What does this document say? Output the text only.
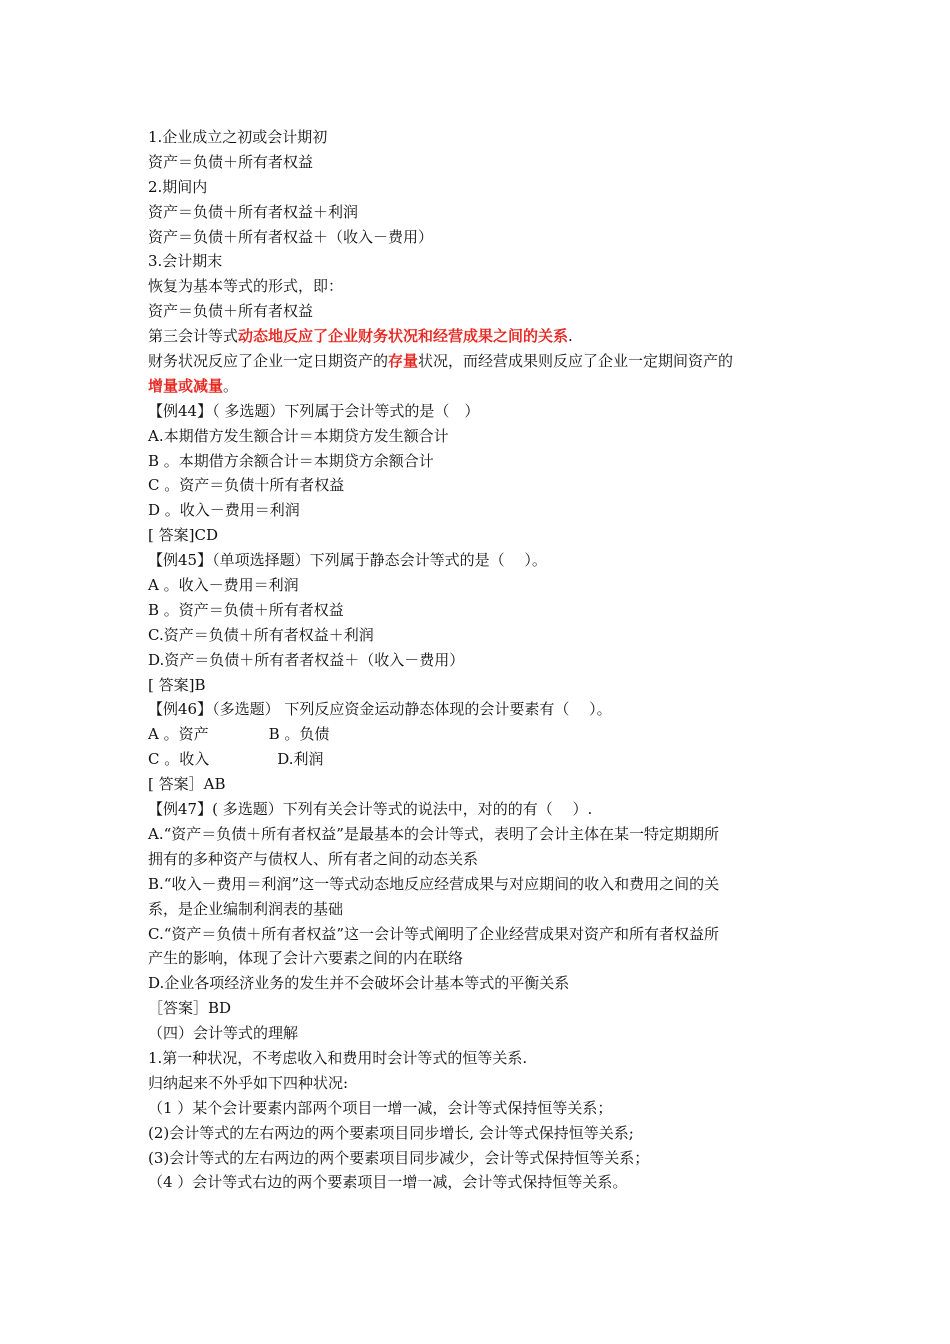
1.企业成立之初或会计期初
资产＝负债＋所有者权益
2.期间内
资产＝负债＋所有者权益＋利润
资产＝负债＋所有者权益＋（收入－费用）
3.会计期末
恢复为基本等式的形式，即：
资产＝负债＋所有者权益
第三会计等式动态地反应了企业财务状况和经营成果之间的关系.
财务状况反应了企业一定日期资产的存量状况，而经营成果则反应了企业一定期间资产的
增量或减量。
【例44】（ 多选题）下列属于会计等式的是（　）
A.本期借方发生额合计＝本期贷方发生额合计
B 。本期借方余额合计＝本期贷方余额合计
C 。资产＝负债十所有者权益
D 。收入－费用＝利润
[ 答案]CD
【例45】（单项选择题）下列属于静态会计等式的是（　 ）。
A 。收入－费用＝利润
B 。资产＝负债＋所有者权益
C.资产＝负债＋所有者权益＋利润
D.资产＝负债＋所有者者权益＋（收入－费用）
[ 答案]B
【例46】（多选题） 下列反应资金运动静态体现的会计要素有（　 ）。
A 。资产	B 。负债
C 。收入	D.利润
[ 答案］AB
【例47】( 多选题）下列有关会计等式的说法中，对的的有（　 ）.
A.“资产＝负债＋所有者权益”是最基本的会计等式，表明了会计主体在某一特定期期所
拥有的多种资产与债权人、所有者之间的动态关系
B.“收入－费用＝利润”这一等式动态地反应经营成果与对应期间的收入和费用之间的关
系，是企业编制利润表的基础
C.“资产＝负债＋所有者权益”这一会计等式阐明了企业经营成果对资产和所有者权益所
产生的影响，体现了会计六要素之间的内在联络
D.企业各项经济业务的发生并不会破坏会计基本等式的平衡关系
［答案］BD
（四）会计等式的理解
1.第一种状况，不考虑收入和费用时会计等式的恒等关系.
归纳起来不外乎如下四种状况:
（1 ）某个会计要素内部两个项目一增一减，会计等式保持恒等关系；
(2)会计等式的左右两边的两个要素项目同步增长, 会计等式保持恒等关系;
(3)会计等式的左右两边的两个要素项目同步减少，会计等式保持恒等关系；
（4 ）会计等式右边的两个要素项目一增一减，会计等式保持恒等关系。
